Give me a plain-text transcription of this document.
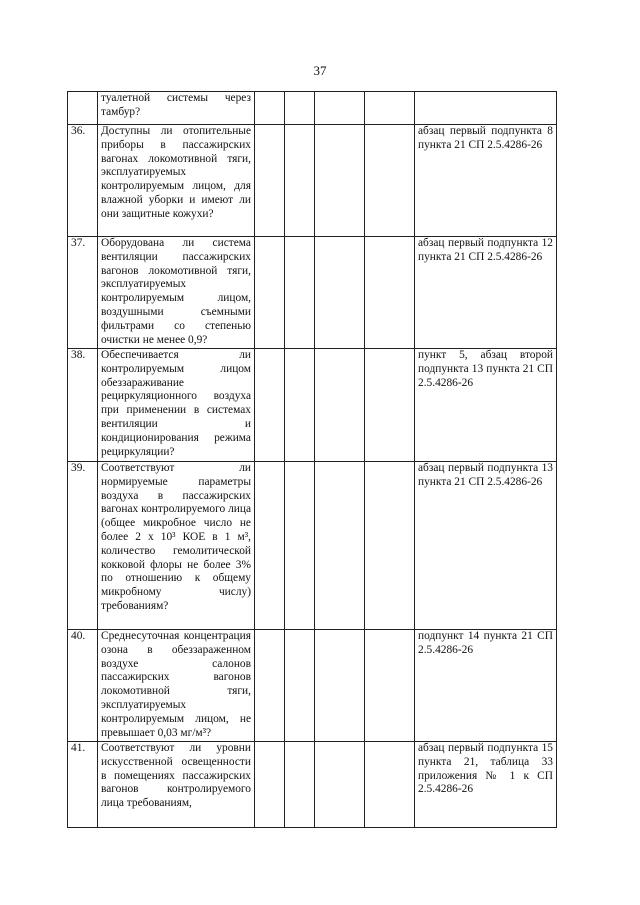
37
	туалетной системы через тамбур?					
36.	Доступны ли отопительные приборы в пассажирских вагонах локомотивной тяги, эксплуатируемых контролируемым лицом, для влажной уборки и имеют ли они защитные кожухи?					абзац первый подпункта 8 пункта 21 СП 2.5.4286-26
37.	Оборудована ли система вентиляции пассажирских вагонов локомотивной тяги, эксплуатируемых контролируемым лицом, воздушными съемными фильтрами со степенью очистки не менее 0,9?					абзац первый подпункта 12 пункта 21 СП 2.5.4286-26
38.	Обеспечивается ли контролируемым лицом обеззараживание рециркуляционного воздуха при применении в системах вентиляции и кондиционирования режима рециркуляции?					пункт 5, абзац второй подпункта 13 пункта 21 СП 2.5.4286-26
39.	Соответствуют ли нормируемые параметры воздуха в пассажирских вагонах контролируемого лица (общее микробное число не более 2 x 10³ КОЕ в 1 м³, количество гемолитической кокковой флоры не более 3% по отношению к общему микробному числу) требованиям?					абзац первый подпункта 13 пункта 21 СП 2.5.4286-26
40.	Среднесуточная концентрация озона в обеззараженном воздухе салонов пассажирских вагонов локомотивной тяги, эксплуатируемых контролируемым лицом, не превышает 0,03 мг/м³?					подпункт 14 пункта 21 СП 2.5.4286-26
41.	Соответствуют ли уровни искусственной освещенности в помещениях пассажирских вагонов контролируемого лица требованиям,					абзац первый подпункта 15 пункта 21, таблица 33 приложения № 1 к СП 2.5.4286-26
